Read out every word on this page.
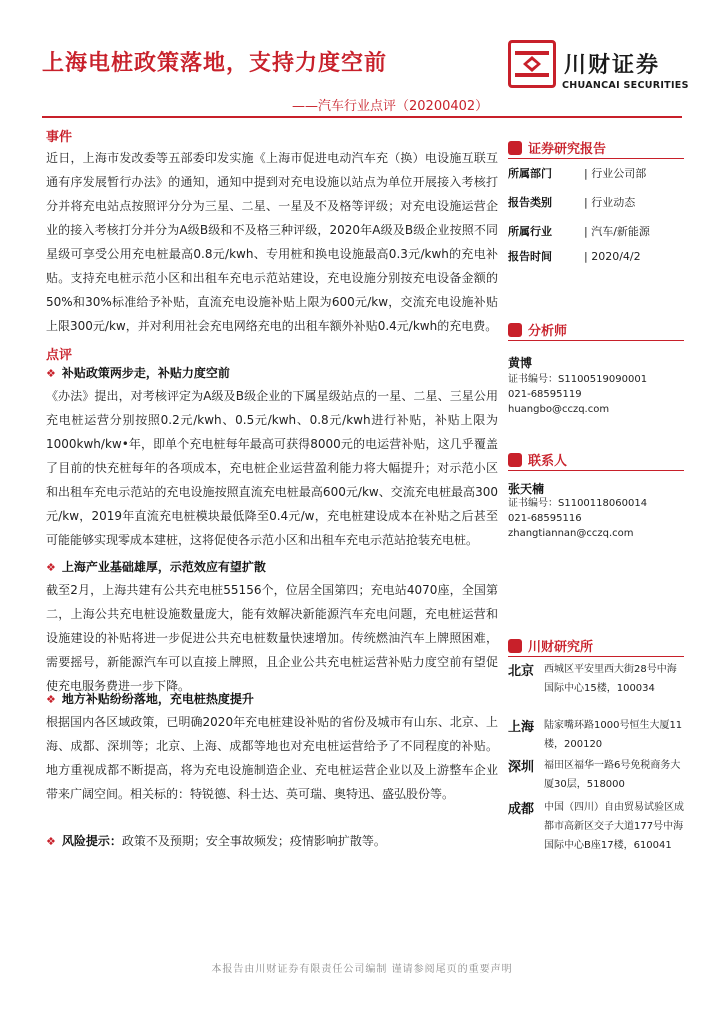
上海电桩政策落地，支持力度空前
——汽车行业点评（20200402）
川财证券
CHUANCAI SECURITIES
事件
近日，上海市发改委等五部委印发实施《上海市促进电动汽车充（换）电设施互联互通有序发展暂行办法》的通知，通知中提到对充电设施以站点为单位开展接入考核打分并将充电站点按照评分分为三星、二星、一星及不及格等评级；对充电设施运营企业的接入考核打分并分为A级B级和不及格三种评级，2020年A级及B级企业按照不同星级可享受公用充电桩最高0.8元/kwh、专用桩和换电设施最高0.3元/kwh的充电补贴。支持充电桩示范小区和出租车充电示范站建设，充电设施分别按充电设备金额的50%和30%标准给予补贴，直流充电设施补贴上限为600元/kw，交流充电设施补贴上限300元/kw，并对利用社会充电网络充电的出租车额外补贴0.4元/kwh的充电费。
点评
❖ 补贴政策两步走，补贴力度空前
《办法》提出，对考核评定为A级及B级企业的下属星级站点的一星、二星、三星公用充电桩运营分别按照0.2元/kwh、0.5元/kwh、0.8元/kwh进行补贴，补贴上限为1000kwh/kw•年，即单个充电桩每年最高可获得8000元的电运营补贴，这几乎覆盖了目前的快充桩每年的各项成本，充电桩企业运营盈利能力将大幅提升；对示范小区和出租车充电示范站的充电设施按照直流充电桩最高600元/kw、交流充电桩最高300元/kw，2019年直流充电桩模块最低降至0.4元/w，充电桩建设成本在补贴之后甚至可能能够实现零成本建桩，这将促使各示范小区和出租车充电示范站抢装充电桩。
❖ 上海产业基础雄厚，示范效应有望扩散
截至2月，上海共建有公共充电桩55156个，位居全国第四；充电站4070座，全国第二，上海公共充电桩设施数量庞大，能有效解决新能源汽车充电问题，充电桩运营和设施建设的补贴将进一步促进公共充电桩数量快速增加。传统燃油汽车上牌照困难，需要摇号，新能源汽车可以直接上牌照，且企业公共充电桩运营补贴力度空前有望促使充电服务费进一步下降。
❖ 地方补贴纷纷落地，充电桩热度提升
根据国内各区域政策，已明确2020年充电桩建设补贴的省份及城市有山东、北京、上海、成都、深圳等；北京、上海、成都等地也对充电桩运营给予了不同程度的补贴。地方重视成都不断提高，将为充电设施制造企业、充电桩运营企业以及上游整车企业带来广阔空间。相关标的：特锐德、科士达、英可瑞、奥特迅、盛弘股份等。
❖ 风险提示：政策不及预期；安全事故频发；疫情影响扩散等。
证券研究报告
所属部门	| 行业公司部
报告类别	| 行业动态
所属行业	| 汽车/新能源
报告时间	| 2020/4/2
分析师
黄博
证书编号：S1100519090001
021-68595119
huangbo@cczq.com
联系人
张天楠
证书编号：S1100118060014
021-68595116
zhangtiannan@cczq.com
川财研究所
北京 西城区平安里西大街28号中海国际中心15楼，100034
上海 陆家嘴环路1000号恒生大厦11楼，200120
深圳 福田区福华一路6号免税商务大厦30层，518000
成都 中国（四川）自由贸易试验区成都市高新区交子大道177号中海国际中心B座17楼，610041
本报告由川财证券有限责任公司编制 谨请参阅尾页的重要声明
